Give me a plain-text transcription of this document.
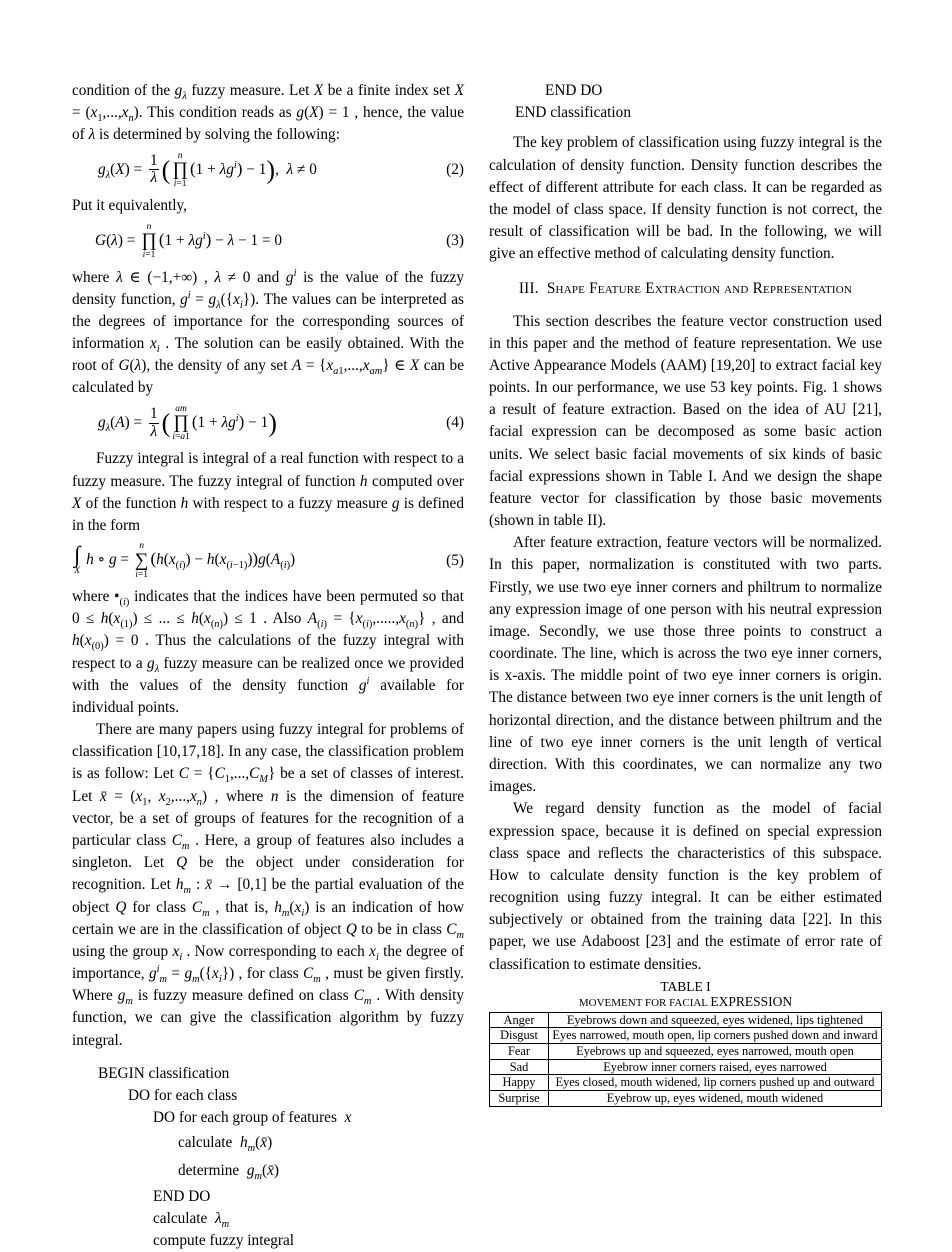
condition of the $g_\lambda$ fuzzy measure. Let X be a finite index set $X = (x_1,...,x_n)$. This condition reads as g(X) = 1 , hence, the value of λ is determined by solving the following:

$g_\lambda(X) = \frac{1}{\lambda}$ ( n
∏
i=1
$(1 + \lambda g^i) - 1$),  λ ≠ 0	(2)

Put it equivalently,

G(λ) =
n
∏
i=1
$(1 + \lambda g^i) - \lambda - 1 = 0$	(3)

where λ ∈ (−1,+∞) , λ ≠ 0 and $g^i$ is the value of the fuzzy density function, $g^i = g_\lambda(\{x_i\})$. The values can be interpreted as the degrees of importance for the corresponding sources of information $x_i$ . The solution can be easily obtained. With the root of G(λ), the density of any set $A = \{x_{a1},...,x_{am}\}$ ∈ X can be calculated by

$g_\lambda(A) = \frac{1}{\lambda}$ ( am
∏
i=a1
$(1 + \lambda g^i) - 1$)	(4)

Fuzzy integral is integral of a real function with respect to a fuzzy measure. The fuzzy integral of function h computed over X of the function h with respect to a fuzzy measure g is defined in the form

∫
X
h ∘ g =
n
∑
i=1
$(h(x_{(i)}) - h(x_{(i-1)}))g(A_{(i)})$	(5)

where $•_{(i)}$ indicates that the indices have been permuted so that $0 \le h(x_{(1)})$ ≤ ... ≤ $h(x_{(n)}) \le 1$ . Also $A_{(i)} = \{x_{(i)},.....,x_{(n)}\}$ , and $h(x_{(0)}) = 0$ . Thus the calculations of the fuzzy integral with respect to a $g_\lambda$ fuzzy measure can be realized once we provided with the values of the density function $g^i$ available for individual points.

There are many papers using fuzzy integral for problems of classification [10,17,18]. In any case, the classification problem is as follow: Let $C = \{C_1,...,C_M\}$ be a set of classes of interest. Let x̄ = ($x_1$, $x_2,...,x_n$) , where n is the dimension of feature vector, be a set of groups of features for the recognition of a particular class $C_m$ . Here, a group of features also includes a singleton. Let Q be the object under consideration for recognition. Let $h_m$ : x̄ → [0,1] be the partial evaluation of the object Q for class $C_m$ , that is, $h_m(x_i)$ is an indication of how certain we are in the classification of object Q to be in class $C_m$ using the group $x_i$ . Now corresponding to each $x_i$ the degree of importance, $g^i_m = g_m(\{x_i\})$ , for class $C_m$ , must be given firstly. Where $g_m$ is fuzzy measure defined on class $C_m$ . With density function, we can give the classification algorithm by fuzzy integral.

BEGIN classification
DO for each class
DO for each group of features  x
calculate  $h_m(x̄)$
determine  $g_m(x̄)$
END DO
calculate  $\lambda_m$
compute fuzzy integral
END DO
END classification

The key problem of classification using fuzzy integral is the calculation of density function. Density function describes the effect of different attribute for each class. It can be regarded as the model of class space. If density function is not correct, the result of classification will be bad. In the following, we will give an effective method of calculating density function.

III.  Shape Feature Extraction and Representation

This section describes the feature vector construction used in this paper and the method of feature representation. We use Active Appearance Models (AAM) [19,20] to extract facial key points. In our performance, we use 53 key points. Fig. 1 shows a result of feature extraction. Based on the idea of AU [21], facial expression can be decomposed as some basic action units. We select basic facial movements of six kinds of basic facial expressions shown in Table I. And we design the shape feature vector for classification by those basic movements (shown in table II).

After feature extraction, feature vectors will be normalized. In this paper, normalization is constituted with two parts. Firstly, we use two eye inner corners and philtrum to normalize any expression image of one person with his neutral expression image. Secondly, we use those three points to construct a coordinate. The line, which is across the two eye inner corners, is x-axis. The middle point of two eye inner corners is origin. The distance between two eye inner corners is the unit length of horizontal direction, and the distance between philtrum and the line of two eye inner corners is the unit length of vertical direction. With this coordinates, we can normalize any two images.

We regard density function as the model of facial expression space, because it is defined on special expression class space and reflects the characteristics of this subspace. How to calculate density function is the key problem of recognition using fuzzy integral. It can be either estimated subjectively or obtained from the training data [22]. In this paper, we use Adaboost [23] and the estimate of error rate of classification to estimate densities.

TABLE I
MOVEMENT FOR FACIAL EXPRESSION
Anger	Eyebrows down and squeezed, eyes widened, lips tightened
Disgust	Eyes narrowed, mouth open, lip corners pushed down and inward
Fear	Eyebrows up and squeezed, eyes narrowed, mouth open
Sad	Eyebrow inner corners raised, eyes narrowed
Happy	Eyes closed, mouth widened, lip corners pushed up and outward
Surprise	Eyebrow up, eyes widened, mouth widened
